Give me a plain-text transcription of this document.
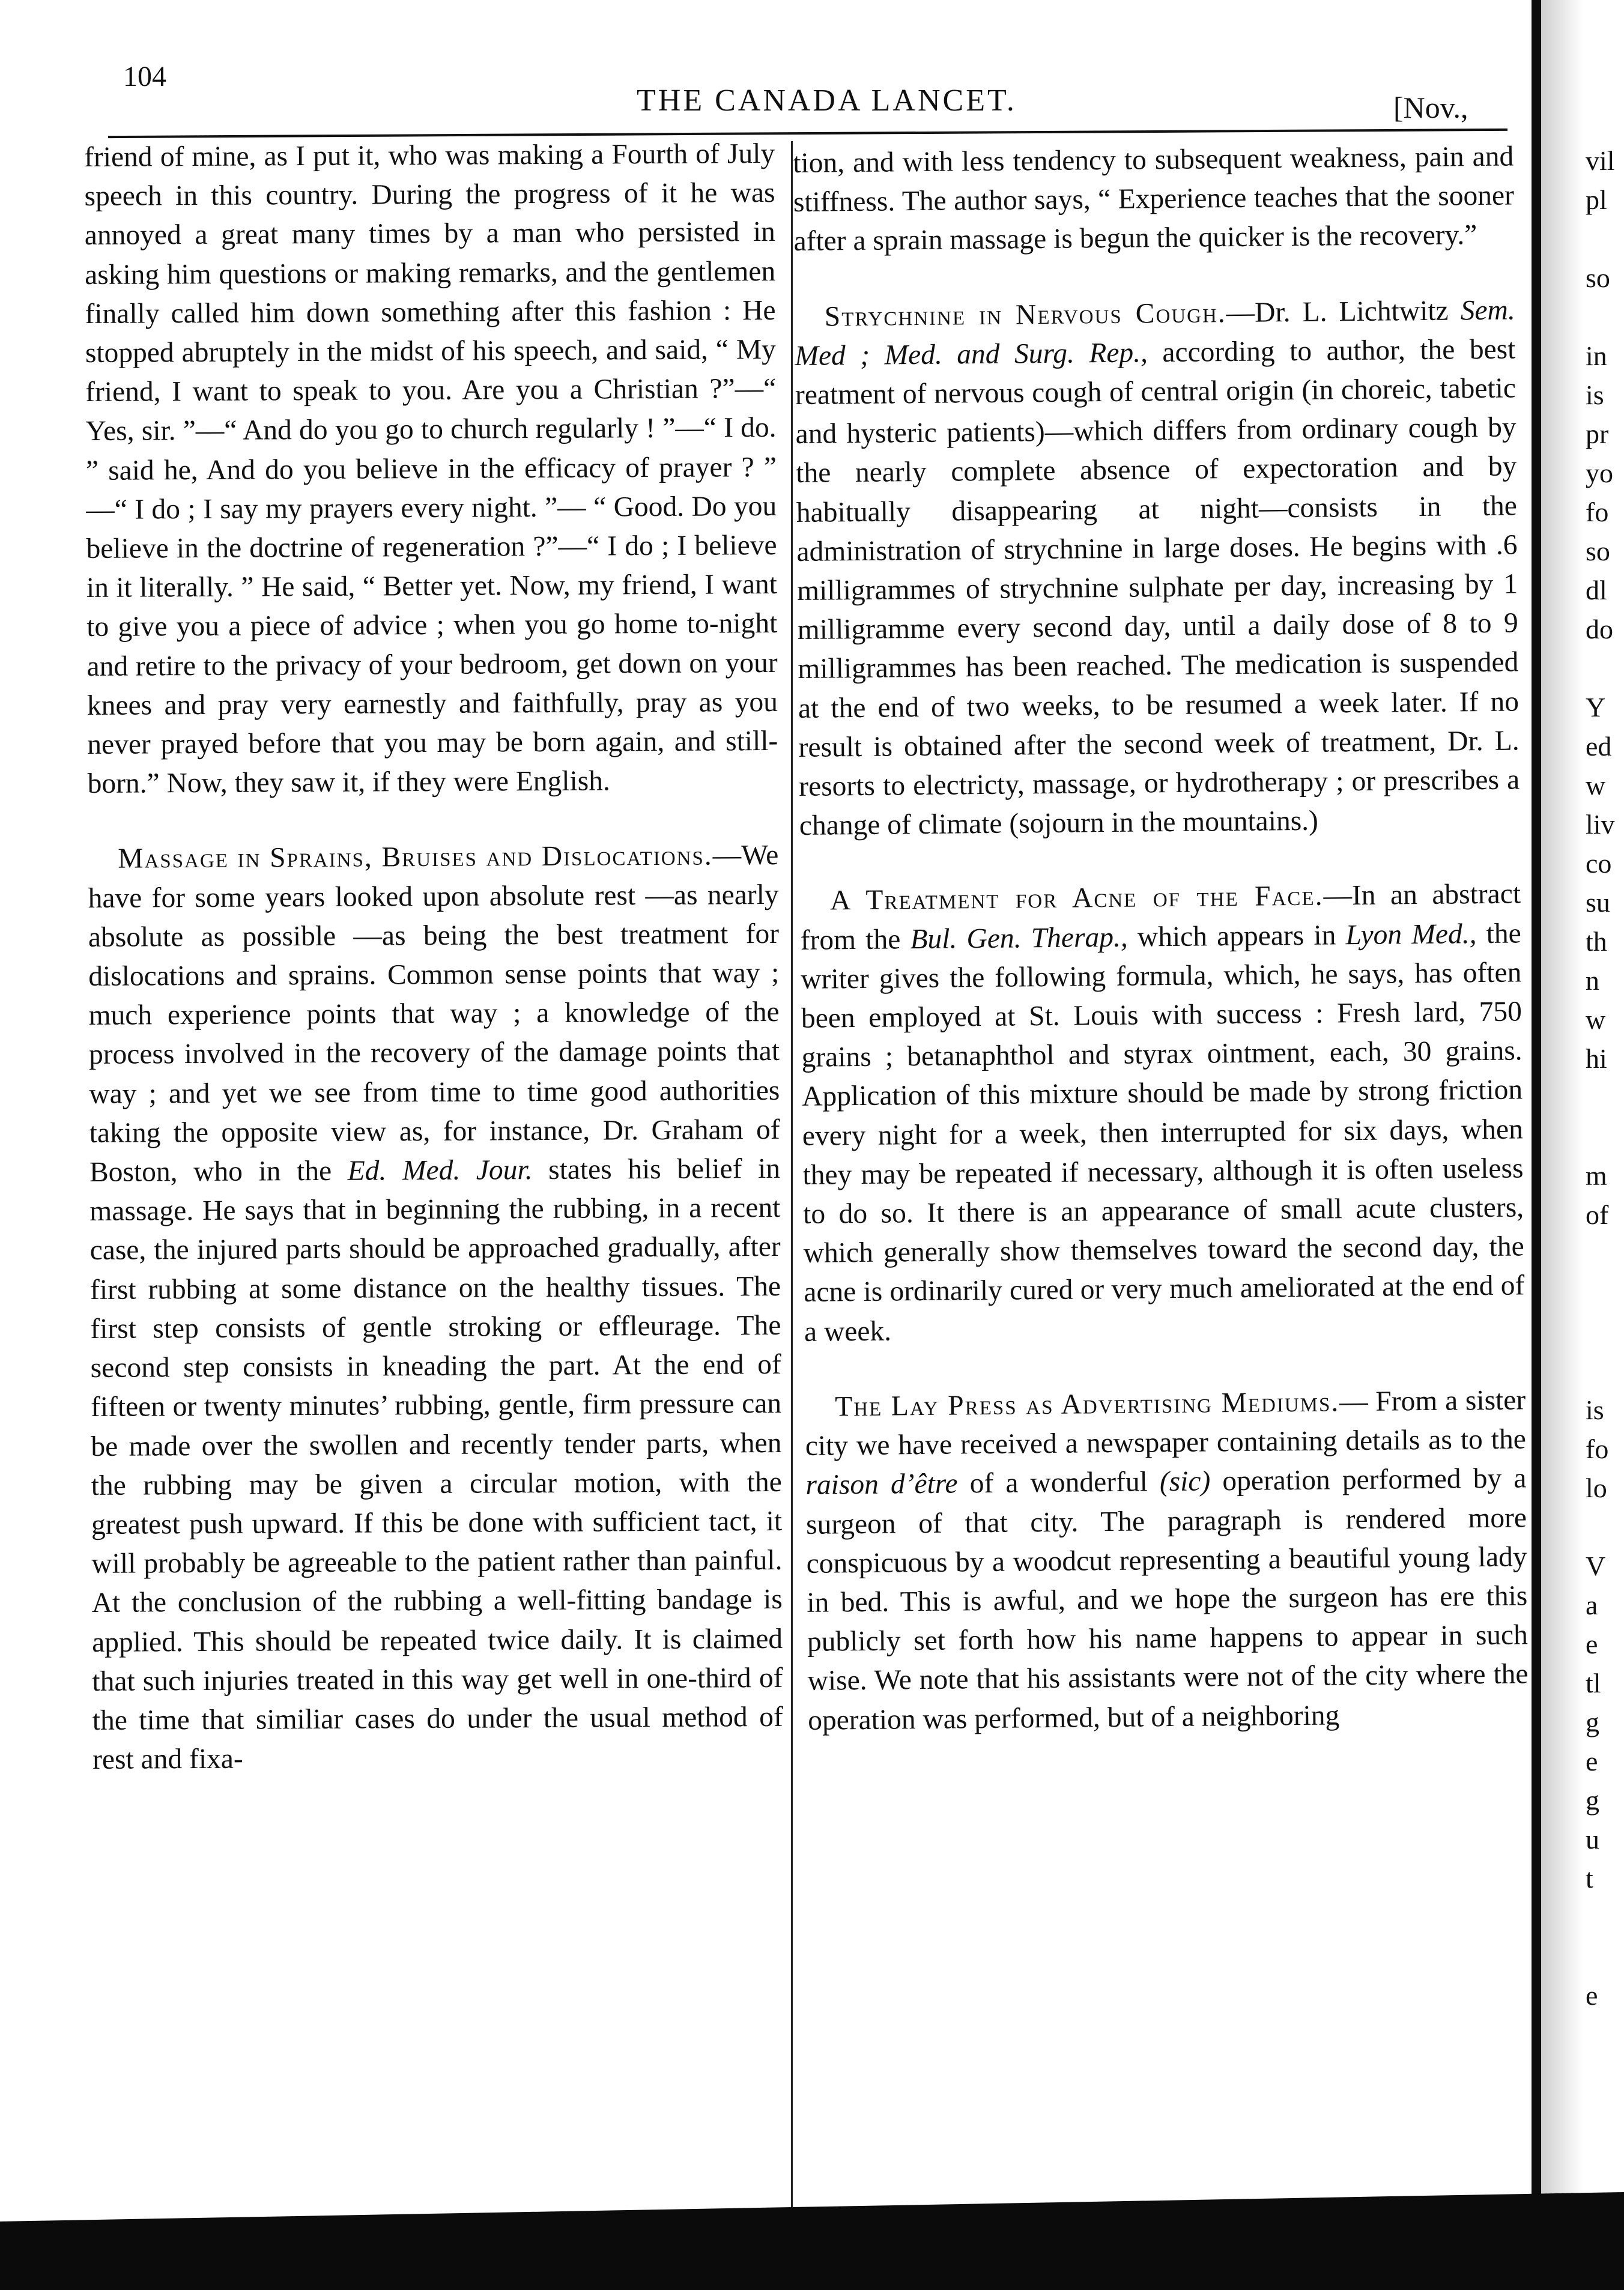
104
THE CANADA LANCET.	[Nov.,

friend of mine, as I put it, who was making a Fourth of July speech in this country. During the progress of it he was annoyed a great many times by a man who persisted in asking him questions or making remarks, and the gentlemen finally called him down something after this fashion : He stopped abruptely in the midst of his speech, and said, “ My friend, I want to speak to you. Are you a Christian ?”—“ Yes, sir. ”—“ And do you go to church regularly ! ”—“ I do. ” said he, And do you believe in the efficacy of prayer ? ” —“ I do ; I say my prayers every night. ”— “ Good. Do you believe in the doctrine of regeneration ?”—“ I do ; I believe in it literally. ” He said, “ Better yet. Now, my friend, I want to give you a piece of advice ; when you go home to-night and retire to the privacy of your bedroom, get down on your knees and pray very earnestly and faithfully, pray as you never prayed before that you may be born again, and still-born.” Now, they saw it, if they were English.

Massage in Sprains, Bruises and Dislocations.—We have for some years looked upon absolute rest —as nearly absolute as possible —as being the best treatment for dislocations and sprains. Common sense points that way ; much experience points that way ; a knowledge of the process involved in the recovery of the damage points that way ; and yet we see from time to time good authorities taking the opposite view as, for instance, Dr. Graham of Boston, who in the Ed. Med. Jour. states his belief in massage. He says that in beginning the rubbing, in a recent case, the injured parts should be approached gradually, after first rubbing at some distance on the healthy tissues. The first step consists of gentle stroking or effleurage. The second step consists in kneading the part. At the end of fifteen or twenty minutes’ rubbing, gentle, firm pressure can be made over the swollen and recently tender parts, when the rubbing may be given a circular motion, with the greatest push upward. If this be done with sufficient tact, it will probably be agreeable to the patient rather than painful. At the conclusion of the rubbing a well-fitting bandage is applied. This should be repeated twice daily. It is claimed that such injuries treated in this way get well in one-third of the time that similiar cases do under the usual method of rest and fixa-

tion, and with less tendency to subsequent weakness, pain and stiffness. The author says, “ Experience teaches that the sooner after a sprain massage is begun the quicker is the recovery.”

Strychnine in Nervous Cough.—Dr. L. Lichtwitz Sem. Med ; Med. and Surg. Rep., according to author, the best reatment of nervous cough of central origin (in choreic, tabetic and hysteric patients)—which differs from ordinary cough by the nearly complete absence of expectoration and by habitually disappearing at night—consists in the administration of strychnine in large doses. He begins with .6 milligrammes of strychnine sulphate per day, increasing by 1 milligramme every second day, until a daily dose of 8 to 9 milligrammes has been reached. The medication is suspended at the end of two weeks, to be resumed a week later. If no result is obtained after the second week of treatment, Dr. L. resorts to electricty, massage, or hydrotherapy ; or prescribes a change of climate (sojourn in the mountains.)

A Treatment for Acne of the Face.—In an abstract from the Bul. Gen. Therap., which appears in Lyon Med., the writer gives the following formula, which, he says, has often been employed at St. Louis with success : Fresh lard, 750 grains ; betanaphthol and styrax ointment, each, 30 grains. Application of this mixture should be made by strong friction every night for a week, then interrupted for six days, when they may be repeated if necessary, although it is often useless to do so. It there is an appearance of small acute clusters, which generally show themselves toward the second day, the acne is ordinarily cured or very much ameliorated at the end of a week.

The Lay Press as Advertising Mediums.— From a sister city we have received a newspaper containing details as to the raison d’être of a wonderful (sic) operation performed by a surgeon of that city. The paragraph is rendered more conspicuous by a woodcut representing a beautiful young lady in bed. This is awful, and we hope the surgeon has ere this publicly set forth how his name happens to appear in such wise. We note that his assistants were not of the city where the operation was performed, but of a neighboring

vil
pl
so
in
is
pr
yo
fo
so
dl
do
Y
ed
w
liv
co
su
th
n
w
hi
m
of
is
fo
lo
V
a
e
tl
g
e
g
u
t
e
